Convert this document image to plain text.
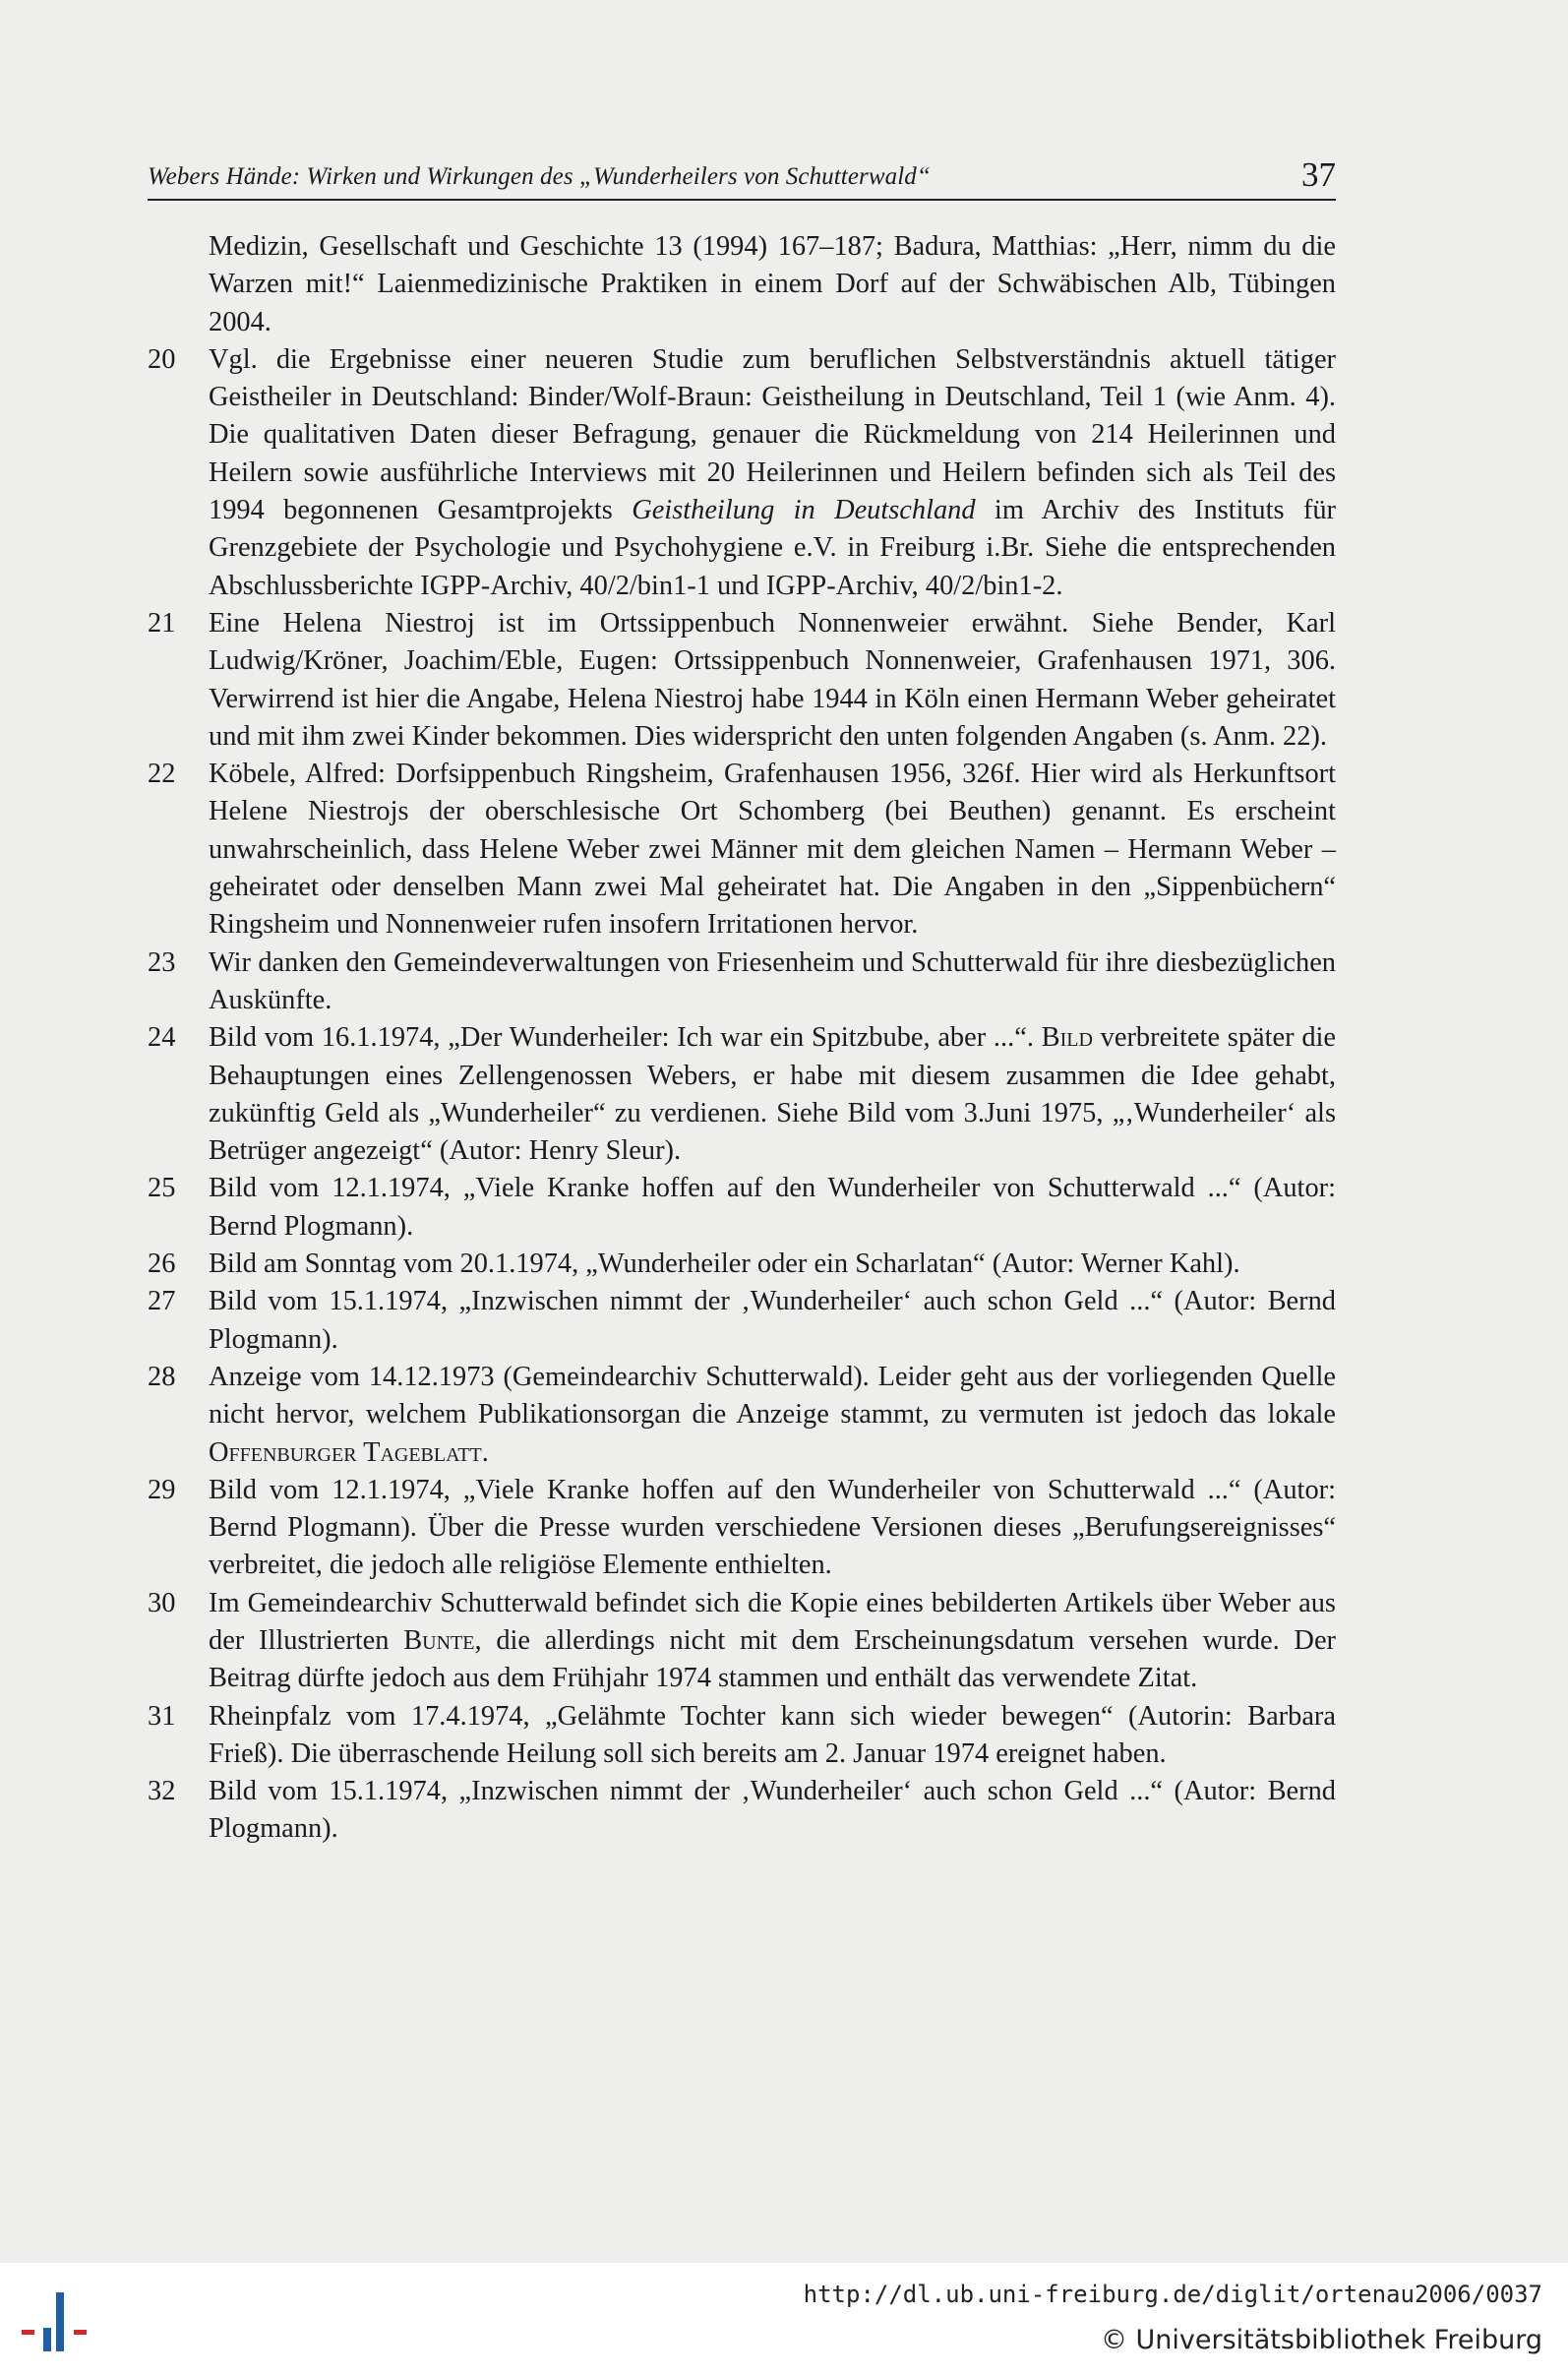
Webers Hände: Wirken und Wirkungen des „Wunderheilers von Schutterwald“	37
Medizin, Gesellschaft und Geschichte 13 (1994) 167–187; Badura, Matthias: „Herr, nimm du die Warzen mit!“ Laienmedizinische Praktiken in einem Dorf auf der Schwäbischen Alb, Tübingen 2004.
20 Vgl. die Ergebnisse einer neueren Studie zum beruflichen Selbstverständnis aktuell tätiger Geistheiler in Deutschland: Binder/Wolf-Braun: Geistheilung in Deutschland, Teil 1 (wie Anm. 4). Die qualitativen Daten dieser Befragung, genauer die Rückmeldung von 214 Heilerinnen und Heilern sowie ausführliche Interviews mit 20 Heilerinnen und Heilern befinden sich als Teil des 1994 begonnenen Gesamtprojekts Geistheilung in Deutschland im Archiv des Instituts für Grenzgebiete der Psychologie und Psychohygiene e.V. in Freiburg i.Br. Siehe die entsprechenden Abschlussberichte IGPP-Archiv, 40/2/bin1-1 und IGPP-Archiv, 40/2/bin1-2.
21 Eine Helena Niestroj ist im Ortssippenbuch Nonnenweier erwähnt. Siehe Bender, Karl Ludwig/Kröner, Joachim/Eble, Eugen: Ortssippenbuch Nonnenweier, Grafenhausen 1971, 306. Verwirrend ist hier die Angabe, Helena Niestroj habe 1944 in Köln einen Hermann Weber geheiratet und mit ihm zwei Kinder bekommen. Dies widerspricht den unten folgenden Angaben (s. Anm. 22).
22 Köbele, Alfred: Dorfsippenbuch Ringsheim, Grafenhausen 1956, 326f. Hier wird als Herkunftsort Helene Niestrojs der oberschlesische Ort Schomberg (bei Beuthen) genannt. Es erscheint unwahrscheinlich, dass Helene Weber zwei Männer mit dem gleichen Namen – Hermann Weber – geheiratet oder denselben Mann zwei Mal geheiratet hat. Die Angaben in den „Sippenbüchern“ Ringsheim und Nonnenweier rufen insofern Irritationen hervor.
23 Wir danken den Gemeindeverwaltungen von Friesenheim und Schutterwald für ihre diesbezüglichen Auskünfte.
24 Bild vom 16.1.1974, „Der Wunderheiler: Ich war ein Spitzbube, aber ...“. Bild verbreitete später die Behauptungen eines Zellengenossen Webers, er habe mit diesem zusammen die Idee gehabt, zukünftig Geld als „Wunderheiler“ zu verdienen. Siehe Bild vom 3.Juni 1975, „‚Wunderheiler‘ als Betrüger angezeigt“ (Autor: Henry Sleur).
25 Bild vom 12.1.1974, „Viele Kranke hoffen auf den Wunderheiler von Schutterwald ...“ (Autor: Bernd Plogmann).
26 Bild am Sonntag vom 20.1.1974, „Wunderheiler oder ein Scharlatan“ (Autor: Werner Kahl).
27 Bild vom 15.1.1974, „Inzwischen nimmt der ‚Wunderheiler‘ auch schon Geld ...“ (Autor: Bernd Plogmann).
28 Anzeige vom 14.12.1973 (Gemeindearchiv Schutterwald). Leider geht aus der vorliegenden Quelle nicht hervor, welchem Publikationsorgan die Anzeige stammt, zu vermuten ist jedoch das lokale Offenburger Tageblatt.
29 Bild vom 12.1.1974, „Viele Kranke hoffen auf den Wunderheiler von Schutterwald ...“ (Autor: Bernd Plogmann). Über die Presse wurden verschiedene Versionen dieses „Berufungsereignisses“ verbreitet, die jedoch alle religiöse Elemente enthielten.
30 Im Gemeindearchiv Schutterwald befindet sich die Kopie eines bebilderten Artikels über Weber aus der Illustrierten Bunte, die allerdings nicht mit dem Erscheinungsdatum versehen wurde. Der Beitrag dürfte jedoch aus dem Frühjahr 1974 stammen und enthält das verwendete Zitat.
31 Rheinpfalz vom 17.4.1974, „Gelähmte Tochter kann sich wieder bewegen“ (Autorin: Barbara Frieß). Die überraschende Heilung soll sich bereits am 2. Januar 1974 ereignet haben.
32 Bild vom 15.1.1974, „Inzwischen nimmt der ‚Wunderheiler‘ auch schon Geld ...“ (Autor: Bernd Plogmann).
http://dl.ub.uni-freiburg.de/diglit/ortenau2006/0037
© Universitätsbibliothek Freiburg
